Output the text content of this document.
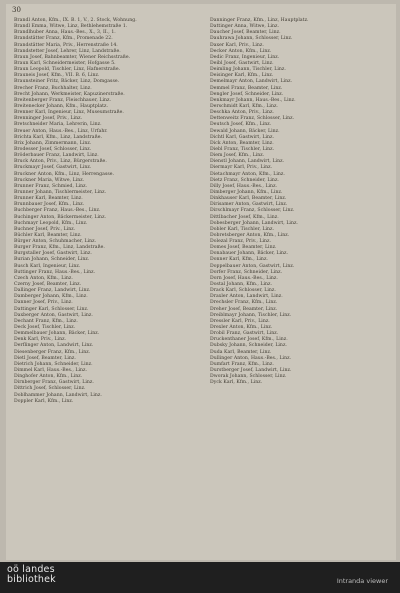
30
Brandl Anton, Kfm., IX. B. 1, V., 2. Stock, Wohnung.
Brandl Emma, Witwe, Linz, Bethlehemstraße 1.
Brandlhuber Anna, Haus.-Bes., X., 3, II., 1.
Brandstätter Franz, Kfm., Promenade 22.
Brandstätter Maria, Priv., Herrenstraße 14.
Brandstetter Josef, Lehrer, Linz, Landstraße.
Braun Josef, Bahnbeamter, Wiener Reichsstraße.
Braun Karl, Schneidermeister, Hofgasse 5.
Braun Leopold, Tischler, Linz, Hafnerstraße.
Brauneis Josef, Kfm., VII. B. 6, Linz.
Braunsteiner Fritz, Bäcker, Linz, Domgasse.
Brecher Franz, Buchhalter, Linz.
Brecht Johann, Werkmeister, Kapuzinerstraße.
Breitenberger Franz, Fleischhauer, Linz.
Breitenecker Johann, Kfm., Hauptplatz.
Brenner Karl, Ingenieur, Linz, Museumstraße.
Brenninger Josef, Priv., Linz.
Bretschneider Maria, Lehrerin, Linz.
Breuer Anton, Haus.-Bes., Linz, Urfahr.
Brichta Karl, Kfm., Linz, Landstraße.
Brix Johann, Zimmermann, Linz.
Brodesser Josef, Schlosser, Linz.
Bröderbauer Franz, Landwirt, Linz.
Bruck Anton, Priv., Linz, Bürgerstraße.
Bruckmayr Josef, Gastwirt, Linz.
Bruckner Anton, Kfm., Linz, Herrengasse.
Bruckner Maria, Witwe, Linz.
Brunner Franz, Schmied, Linz.
Brunner Johann, Tischlermeister, Linz.
Brunner Karl, Beamter, Linz.
Brunnbauer Josef, Kfm., Linz.
Buchberger Franz, Haus.-Bes., Linz.
Buchinger Anton, Bäckermeister, Linz.
Buchmayr Leopold, Kfm., Linz.
Buchner Josef, Priv., Linz.
Büchler Karl, Beamter, Linz.
Bürger Anton, Schuhmacher, Linz.
Burger Franz, Kfm., Linz, Landstraße.
Burgstaller Josef, Gastwirt, Linz.
Burian Johann, Schneider, Linz.
Busch Karl, Ingenieur, Linz.
Buttinger Franz, Haus.-Bes., Linz.
Czech Anton, Kfm., Linz.
Czerny Josef, Beamter, Linz.
Dallinger Franz, Landwirt, Linz.
Damberger Johann, Kfm., Linz.
Danner Josef, Priv., Linz.
Dattinger Karl, Schlosser, Linz.
Daxberger Anton, Gastwirt, Linz.
Dechant Franz, Kfm., Linz.
Deck Josef, Tischler, Linz.
Demmelbauer Johann, Bäcker, Linz.
Denk Karl, Priv., Linz.
Derflinger Anton, Landwirt, Linz.
Diesenberger Franz, Kfm., Linz.
Dietl Josef, Beamter, Linz.
Dietrich Johann, Schneider, Linz.
Dimmel Karl, Haus.-Bes., Linz.
Dinghofer Anton, Kfm., Linz.
Dirnberger Franz, Gastwirt, Linz.
Dittrich Josef, Schlosser, Linz.
Doblhammer Johann, Landwirt, Linz.
Doppler Karl, Kfm., Linz.
Danninger Franz, Kfm., Linz, Hauptplatz.
Dattinger Anna, Witwe, Linz.
Daucher Josef, Beamter, Linz.
Dauhrawa Johann, Schlosser, Linz.
Daxer Karl, Priv., Linz.
Decker Anton, Kfm., Linz.
Dedic Franz, Ingenieur, Linz.
Deibl Josef, Gastwirt, Linz.
Deimling Johann, Tischler, Linz.
Deisinger Karl, Kfm., Linz.
Demelmayr Anton, Landwirt, Linz.
Demmel Franz, Beamter, Linz.
Dengler Josef, Schneider, Linz.
Denkmayr Johann, Haus.-Bes., Linz.
Derschmidt Karl, Kfm., Linz.
Deschka Anton, Priv., Linz.
Dettenweitz Franz, Schlosser, Linz.
Deutsch Josef, Kfm., Linz.
Dewald Johann, Bäcker, Linz.
Dichtl Karl, Gastwirt, Linz.
Dick Anton, Beamter, Linz.
Diebl Franz, Tischler, Linz.
Diem Josef, Kfm., Linz.
Dienstl Johann, Landwirt, Linz.
Diermayr Karl, Priv., Linz.
Dietachmayr Anton, Kfm., Linz.
Dietz Franz, Schneider, Linz.
Dilly Josef, Haus.-Bes., Linz.
Dimberger Johann, Kfm., Linz.
Dinkhauser Karl, Beamter, Linz.
Dirisamer Anton, Gastwirt, Linz.
Dirschlmayr Franz, Schlosser, Linz.
Dittlbacher Josef, Kfm., Linz.
Dobesberger Johann, Landwirt, Linz.
Dobler Karl, Tischler, Linz.
Dobretsberger Anton, Kfm., Linz.
Dolezal Franz, Priv., Linz.
Domes Josef, Beamter, Linz.
Donabauer Johann, Bäcker, Linz.
Donner Karl, Kfm., Linz.
Doppelbauer Anton, Gastwirt, Linz.
Dorfer Franz, Schneider, Linz.
Dorn Josef, Haus.-Bes., Linz.
Dostal Johann, Kfm., Linz.
Drack Karl, Schlosser, Linz.
Draxler Anton, Landwirt, Linz.
Drechsler Franz, Kfm., Linz.
Dreher Josef, Beamter, Linz.
Dreiblmayr Johann, Tischler, Linz.
Dressler Karl, Priv., Linz.
Drexler Anton, Kfm., Linz.
Drobil Franz, Gastwirt, Linz.
Druckenthaner Josef, Kfm., Linz.
Dubsky Johann, Schneider, Linz.
Duda Karl, Beamter, Linz.
Dullinger Anton, Haus.-Bes., Linz.
Dumfart Franz, Kfm., Linz.
Durstberger Josef, Landwirt, Linz.
Dworak Johann, Schlosser, Linz.
Dyck Karl, Kfm., Linz.
oö landes
bibliothek	Intranda viewer
